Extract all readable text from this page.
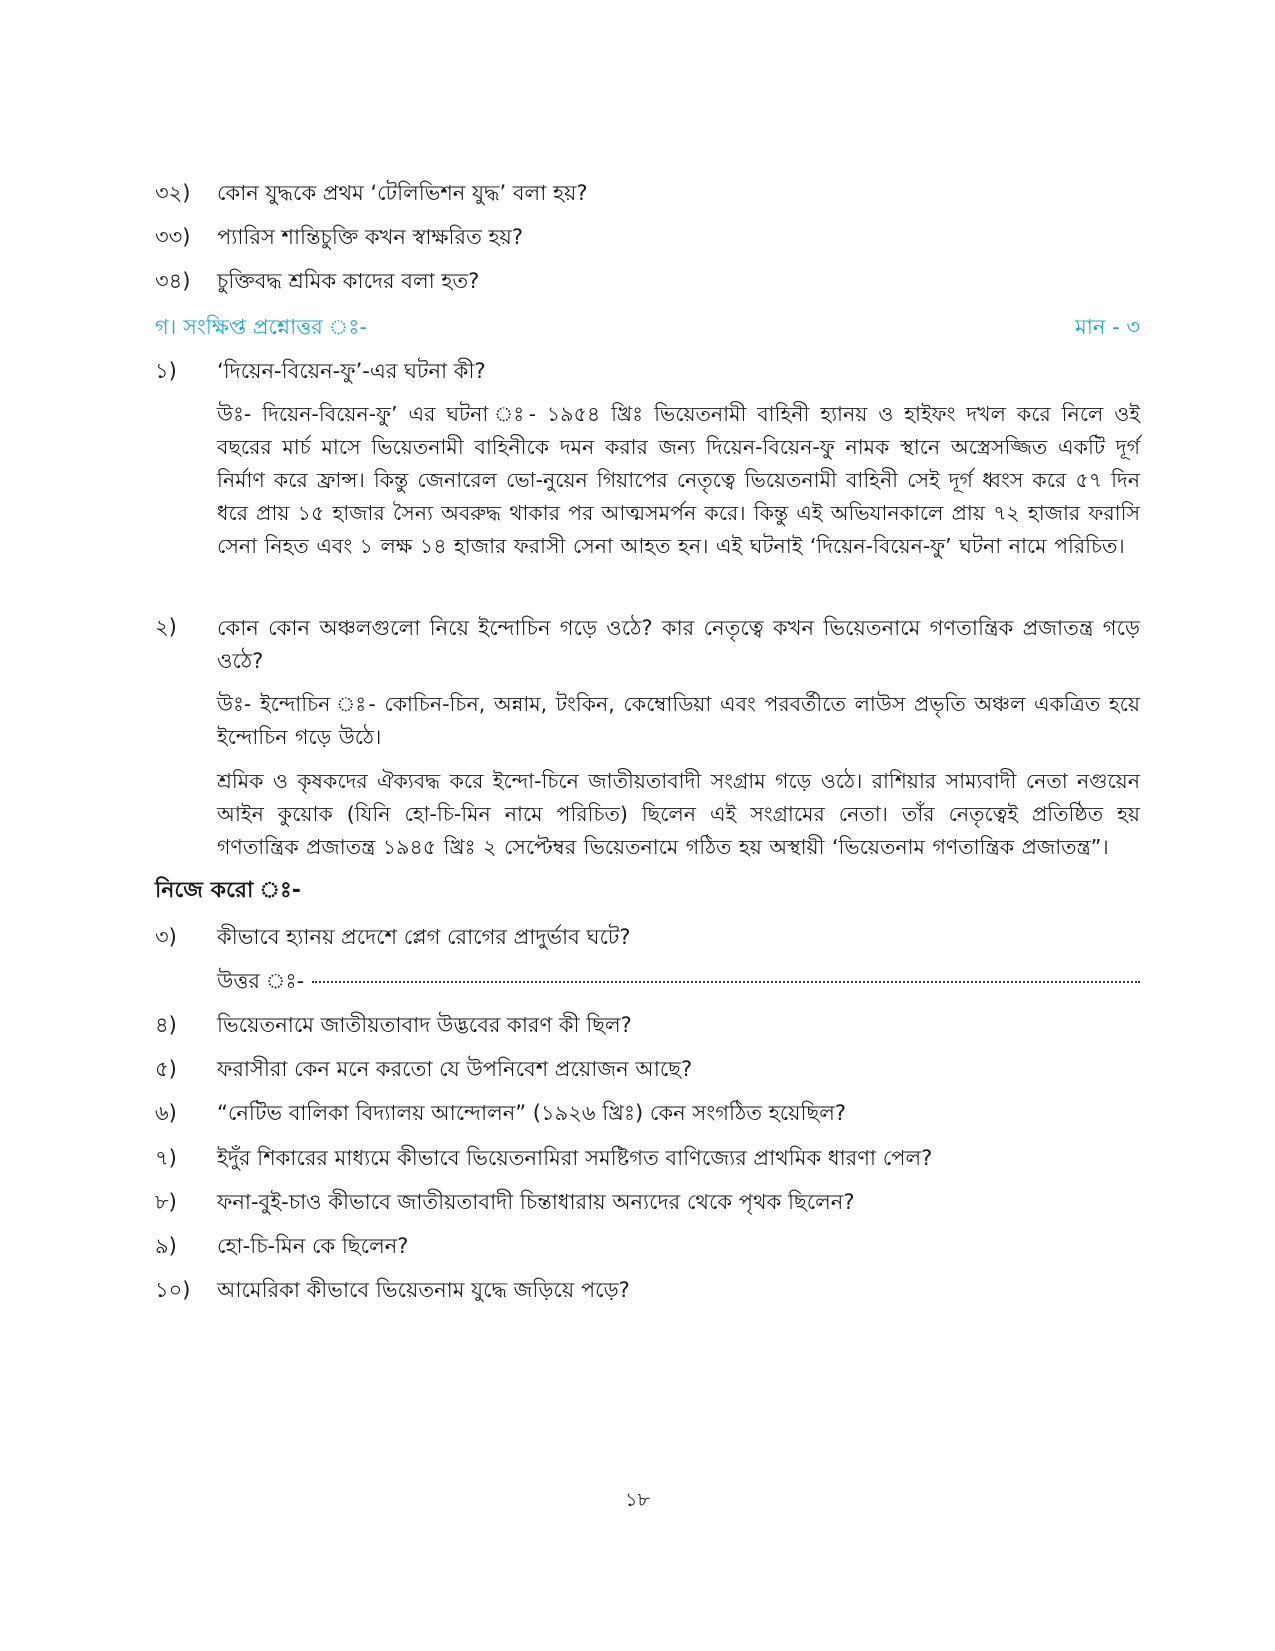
৩২) কোন যুদ্ধকে প্রথম ‘টেলিভিশন যুদ্ধ’ বলা হয়?
৩৩) প্যারিস শান্তিচুক্তি কখন স্বাক্ষরিত হয়?
৩৪) চুক্তিবদ্ধ শ্রমিক কাদের বলা হত?
গ। সংক্ষিপ্ত প্রশ্নোত্তর ঃ-	মান - ৩
১) ‘দিয়েন-বিয়েন-ফু’-এর ঘটনা কী?
উঃ- দিয়েন-বিয়েন-ফু’ এর ঘটনা ঃ- ১৯৫৪ খ্রিঃ ভিয়েতনামী বাহিনী হ্যানয় ও হাইফং দখল করে নিলে ওই বছরের মার্চ মাসে ভিয়েতনামী বাহিনীকে দমন করার জন্য দিয়েন-বিয়েন-ফু নামক স্থানে অস্ত্রেসজ্জিত একটি দূর্গ নির্মাণ করে ফ্রান্স। কিন্তু জেনারেল ভো-নুয়েন গিয়াপের নেতৃত্বে ভিয়েতনামী বাহিনী সেই দূর্গ ধ্বংস করে ৫৭ দিন ধরে প্রায় ১৫ হাজার সৈন্য অবরুদ্ধ থাকার পর আত্মসমর্পন করে। কিন্তু এই অভিযানকালে প্রায় ৭২ হাজার ফরাসি সেনা নিহত এবং ১ লক্ষ ১৪ হাজার ফরাসী সেনা আহত হন। এই ঘটনাই ‘দিয়েন-বিয়েন-ফু’ ঘটনা নামে পরিচিত।
২)	কোন কোন অঞ্চলগুলো নিয়ে ইন্দোচিন গড়ে ওঠে? কার নেতৃত্বে কখন ভিয়েতনামে গণতান্ত্রিক প্রজাতন্ত্র গড়ে ওঠে?
উঃ- ইন্দোচিন ঃ- কোচিন-চিন, অন্নাম, টংকিন, কেম্বোডিয়া এবং পরবর্তীতে লাউস প্রভৃতি অঞ্চল একত্রিত হয়ে ইন্দোচিন গড়ে উঠে।
শ্রমিক ও কৃষকদের ঐক্যবদ্ধ করে ইন্দো-চিনে জাতীয়তাবাদী সংগ্রাম গড়ে ওঠে। রাশিয়ার সাম্যবাদী নেতা নগুয়েন আইন কুয়োক (যিনি হো-চি-মিন নামে পরিচিত) ছিলেন এই সংগ্রামের নেতা। তাঁর নেতৃত্বেই প্রতিষ্ঠিত হয় গণতান্ত্রিক প্রজাতন্ত্র ১৯৪৫ খ্রিঃ ২ সেপ্টেম্বর ভিয়েতনামে গঠিত হয় অস্থায়ী ‘ভিয়েতনাম গণতান্ত্রিক প্রজাতন্ত্র”।
নিজে করো ঃ-
৩) কীভাবে হ্যানয় প্রদেশে প্লেগ রোগের প্রাদুর্ভাব ঘটে?
উত্তর ঃ-
৪) ভিয়েতনামে জাতীয়তাবাদ উদ্ভবের কারণ কী ছিল?
৫) ফরাসীরা কেন মনে করতো যে উপনিবেশ প্রয়োজন আছে?
৬) “নেটিভ বালিকা বিদ্যালয় আন্দোলন” (১৯২৬ খ্রিঃ) কেন সংগঠিত হয়েছিল?
৭) ইদুঁর শিকারের মাধ্যমে কীভাবে ভিয়েতনামিরা সমষ্টিগত বাণিজ্যের প্রাথমিক ধারণা পেল?
৮) ফনা-বুই-চাও কীভাবে জাতীয়তাবাদী চিন্তাধারায় অন্যদের থেকে পৃথক ছিলেন?
৯) হো-চি-মিন কে ছিলেন?
১০) আমেরিকা কীভাবে ভিয়েতনাম যুদ্ধে জড়িয়ে পড়ে?
১৮
